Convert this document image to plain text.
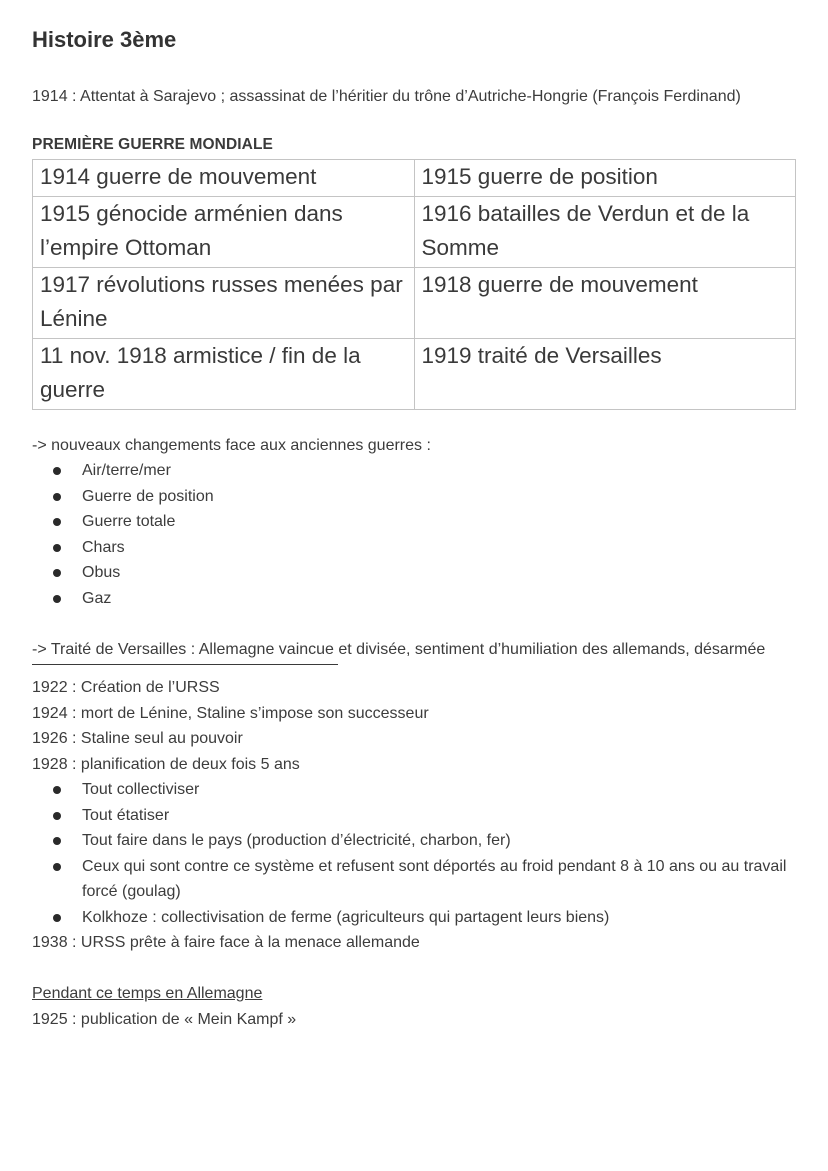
Histoire 3ème

1914 : Attentat à Sarajevo ; assassinat de l’héritier du trône d’Autriche-Hongrie (François Ferdinand)

PREMIÈRE GUERRE MONDIALE
1914 guerre de mouvement	1915 guerre de position
1915 génocide arménien dans l’empire Ottoman	1916 batailles de Verdun et de la Somme
1917 révolutions russes menées par Lénine	1918 guerre de mouvement
11 nov. 1918 armistice / fin de la guerre	1919 traité de Versailles

-> nouveaux changements face aux anciennes guerres :

Air/terre/mer
Guerre de position
Guerre totale
Chars
Obus
Gaz

-> Traité de Versailles : Allemagne vaincue et divisée, sentiment d’humiliation des allemands, désarmée

1922 : Création de l’URSS

1924 : mort de Lénine, Staline s’impose son successeur

1926 : Staline seul au pouvoir

1928 : planification de deux fois 5 ans

Tout collectiviser
Tout étatiser
Tout faire dans le pays (production d’électricité, charbon, fer)
Ceux qui sont contre ce système et refusent sont déportés au froid pendant 8 à 10 ans ou au travail forcé (goulag)
Kolkhoze : collectivisation de ferme (agriculteurs qui partagent leurs biens)

1938 : URSS prête à faire face à la menace allemande

Pendant ce temps en Allemagne

1925 : publication de « Mein Kampf »
